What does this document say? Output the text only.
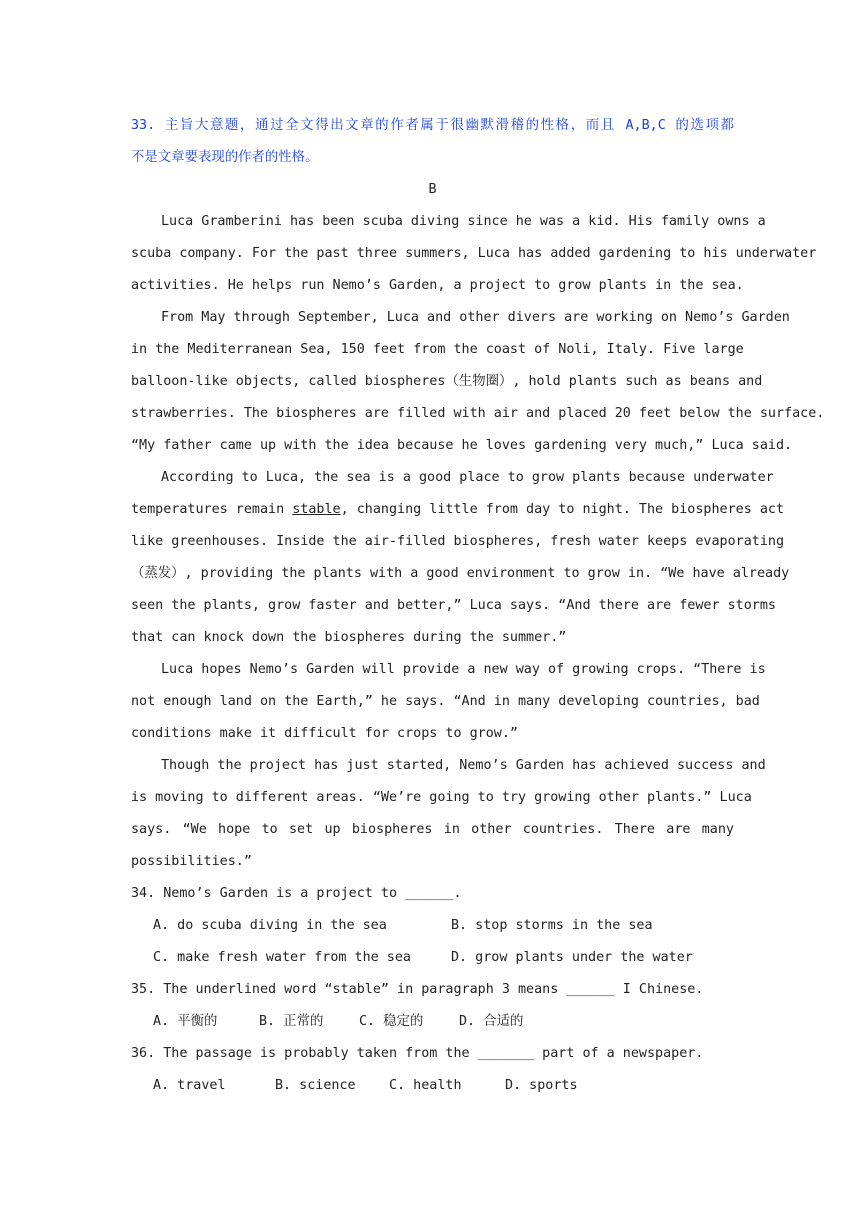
33. 主旨大意题，通过全文得出文章的作者属于很幽默滑稽的性格，而且 A,B,C 的选项都
不是文章要表现的作者的性格。
B
Luca Gramberini has been scuba diving since he was a kid. His family owns a
scuba company. For the past three summers, Luca has added gardening to his underwater
activities. He helps run Nemo’s Garden, a project to grow plants in the sea.
From May through September, Luca and other divers are working on Nemo’s Garden
in the Mediterranean Sea, 150 feet from the coast of Noli, Italy. Five large
balloon-like objects, called biospheres（生物圈）, hold plants such as beans and
strawberries. The biospheres are filled with air and placed 20 feet below the surface.
“My father came up with the idea because he loves gardening very much,” Luca said.
According to Luca, the sea is a good place to grow plants because underwater
temperatures remain stable, changing little from day to night. The biospheres act
like greenhouses. Inside the air-filled biospheres, fresh water keeps evaporating
（蒸发）, providing the plants with a good environment to grow in. “We have already
seen the plants, grow faster and better,” Luca says. “And there are fewer storms
that can knock down the biospheres during the summer.”
Luca hopes Nemo’s Garden will provide a new way of growing crops. “There is
not enough land on the Earth,” he says. “And in many developing countries, bad
conditions make it difficult for crops to grow.”
Though the project has just started, Nemo’s Garden has achieved success and
is moving to different areas. “We’re going to try growing other plants.” Luca
says. “We hope to set up biospheres in other countries. There are many
possibilities.”
34. Nemo’s Garden is a project to ______.
A. do scuba diving in the sea	B. stop storms in the sea
C. make fresh water from the sea	D. grow plants under the water
35. The underlined word “stable” in paragraph 3 means ______ I Chinese.
A. 平衡的	B. 正常的	C. 稳定的	D. 合适的
36. The passage is probably taken from the _______ part of a newspaper.
A. travel	B. science	C. health	D. sports
